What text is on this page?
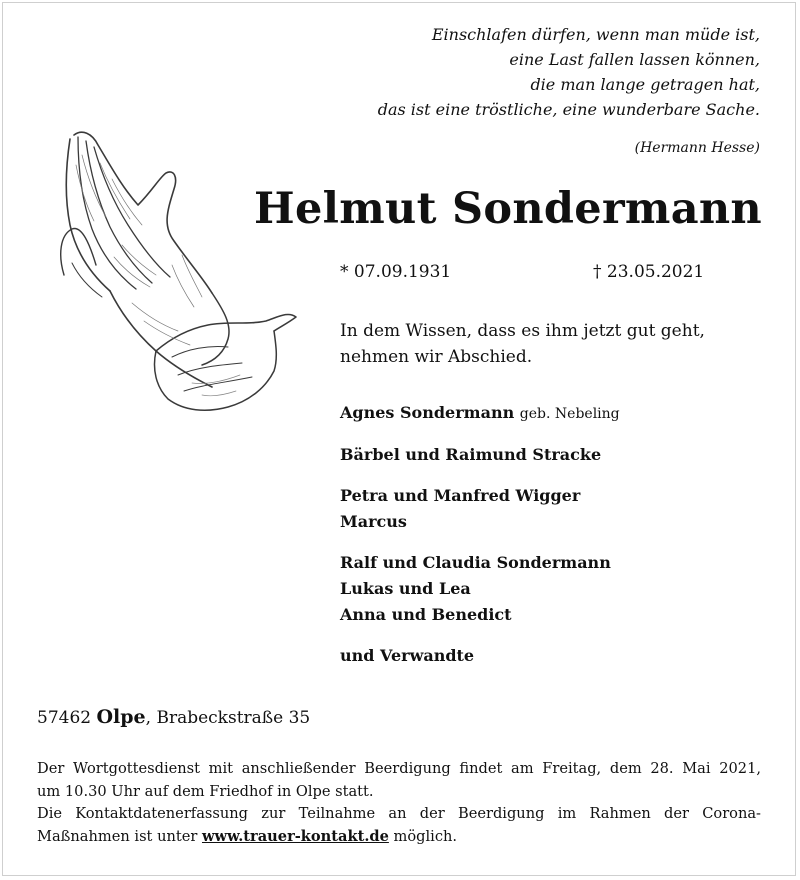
Einschlafen dürfen, wenn man müde ist,
eine Last fallen lassen können,
die man lange getragen hat,
das ist eine tröstliche, eine wunderbare Sache.
(Hermann Hesse)
Helmut Sondermann
* 07.09.1931	† 23.05.2021
In dem Wissen, dass es ihm jetzt gut geht,
nehmen wir Abschied.
Agnes Sondermann geb. Nebeling
Bärbel und Raimund Stracke
Petra und Manfred Wigger
Marcus
Ralf und Claudia Sondermann
Lukas und Lea
Anna und Benedict
und Verwandte
57462 Olpe, Brabeckstraße 35
Der Wortgottesdienst mit anschließender Beerdigung findet am Freitag, dem 28. Mai 2021,
um 10.30 Uhr auf dem Friedhof in Olpe statt.
Die Kontaktdatenerfassung zur Teilnahme an der Beerdigung im Rahmen der Corona-
Maßnahmen ist unter www.trauer-kontakt.de möglich.
